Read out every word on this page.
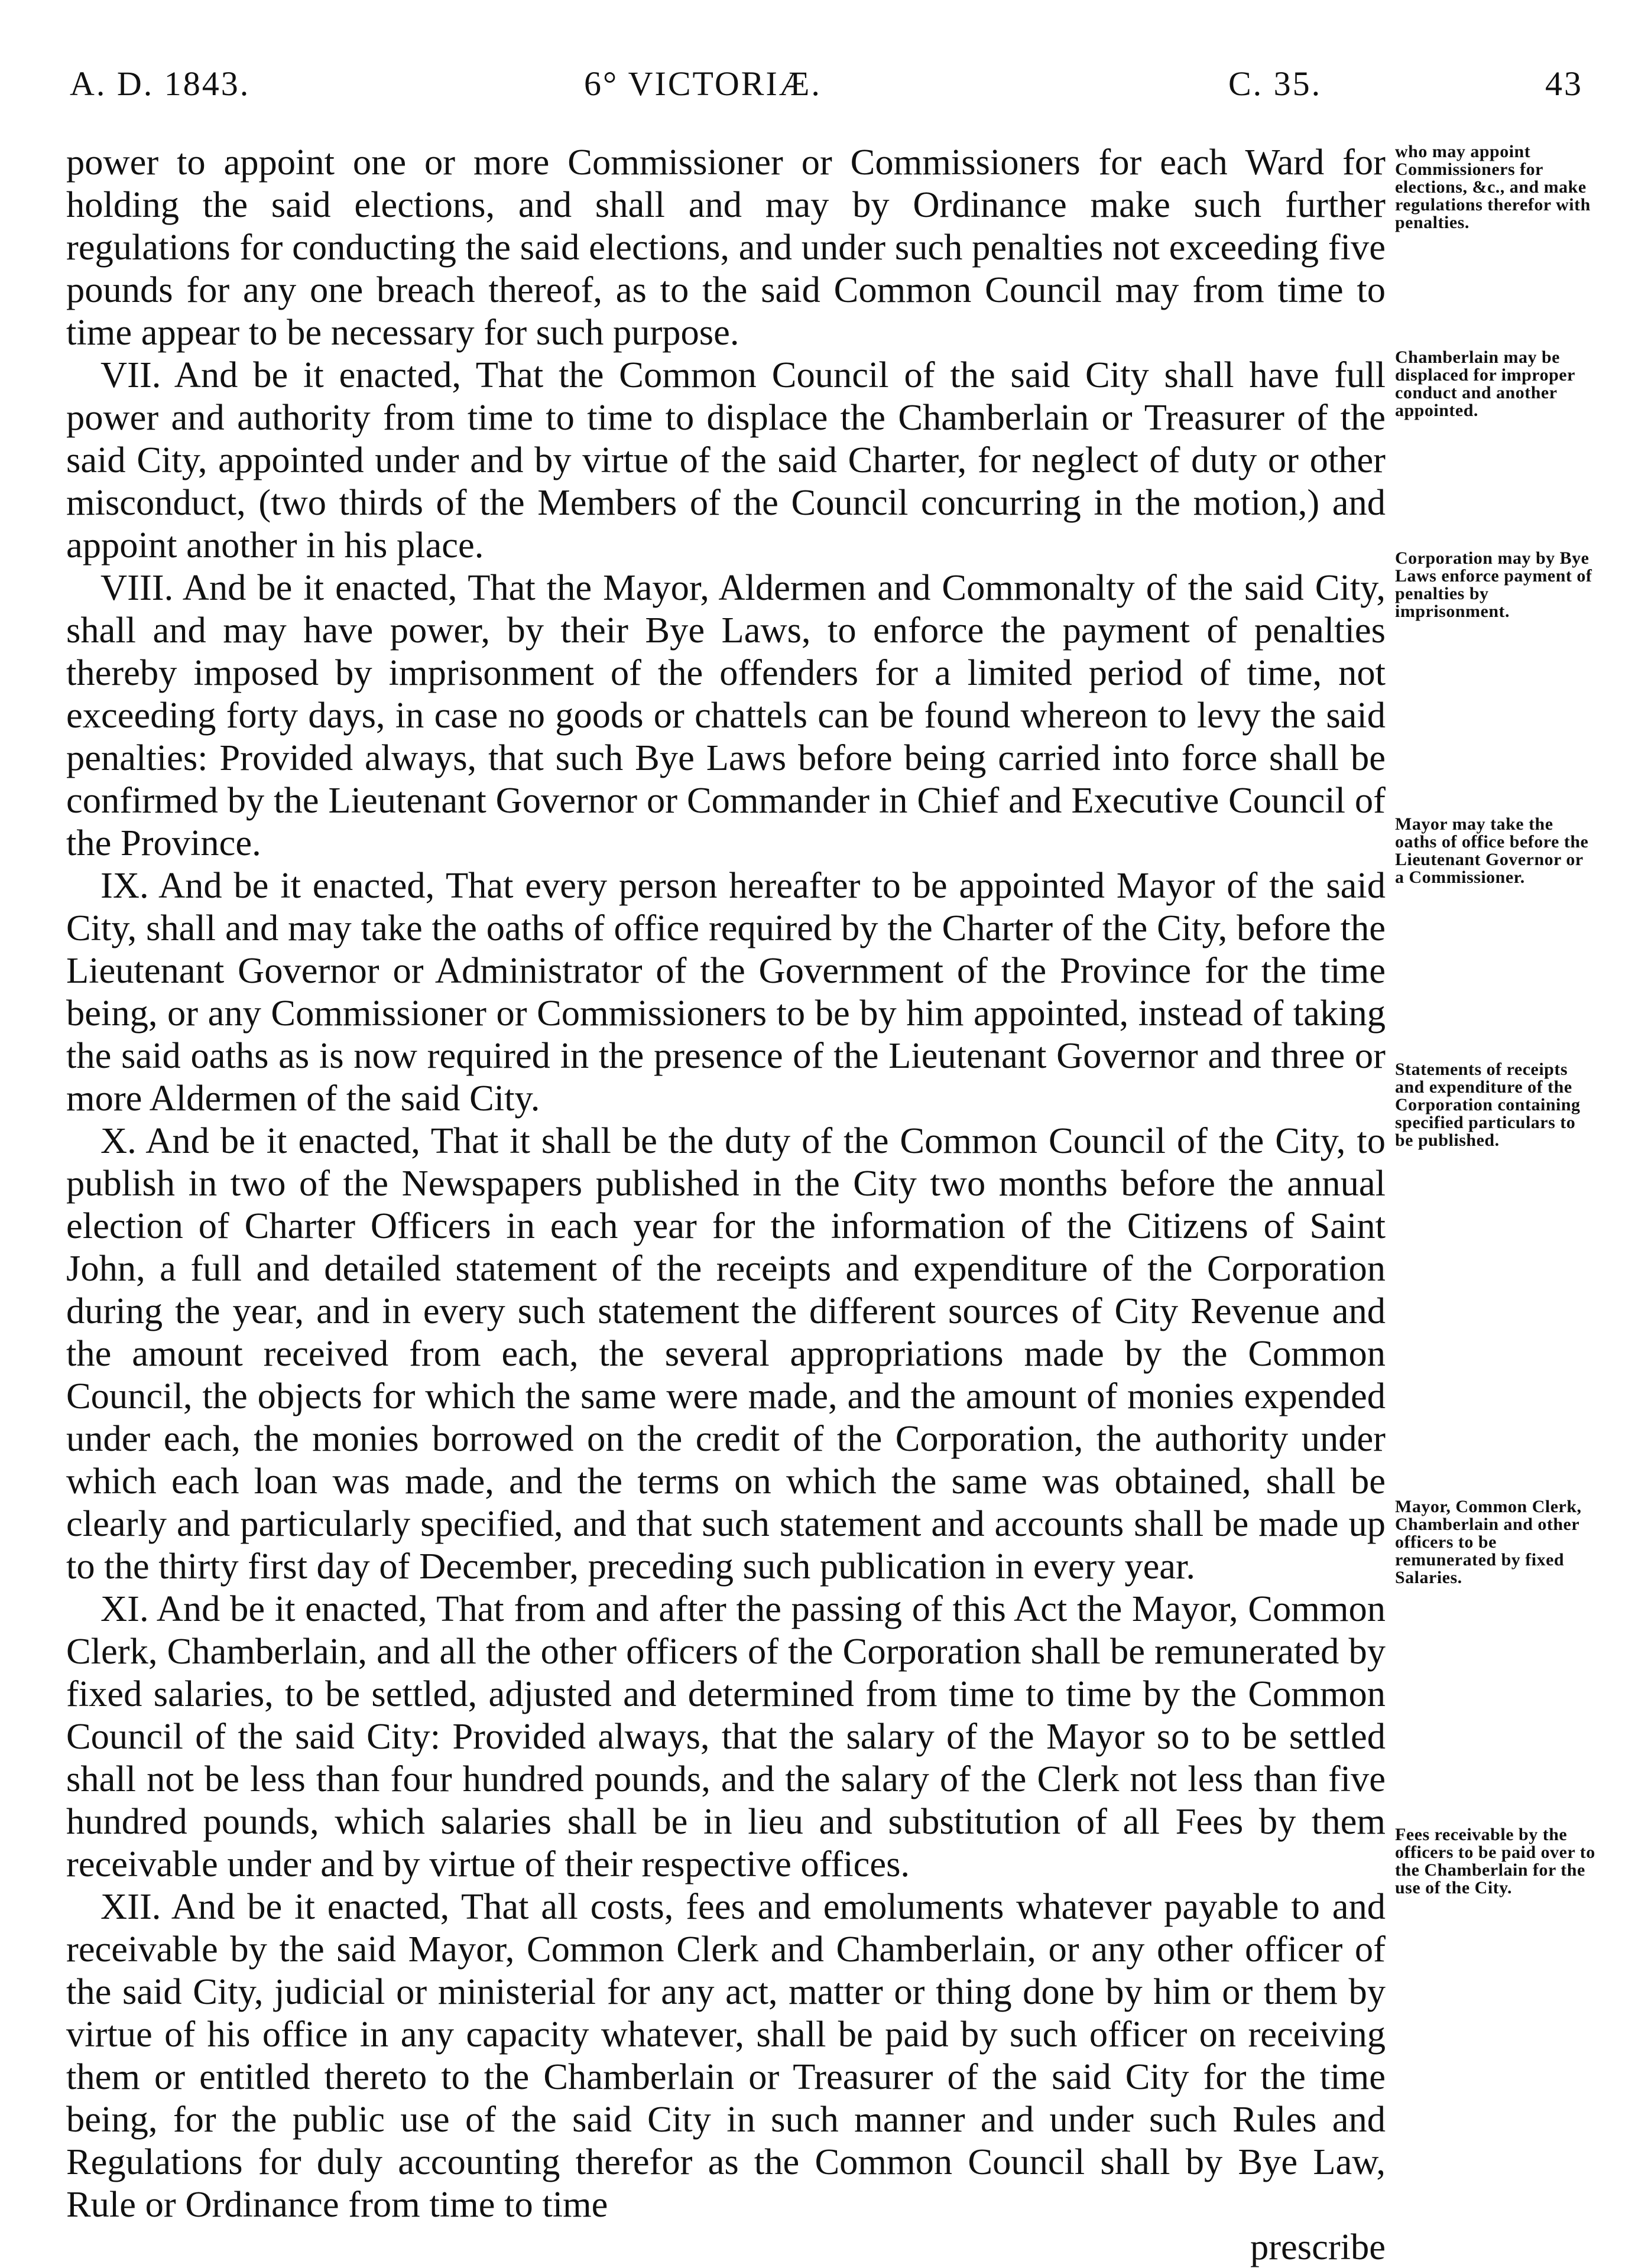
A. D. 1843.	6° VICTORIÆ.	C. 35.	43

power to appoint one or more Commissioner or Commissioners for each Ward for holding the said elections, and shall and may by Ordinance make such further regulations for conducting the said elections, and under such penalties not exceeding five pounds for any one breach thereof, as to the said Common Council may from time to time appear to be necessary for such purpose.

VII. And be it enacted, That the Common Council of the said City shall have full power and authority from time to time to displace the Chamberlain or Treasurer of the said City, appointed under and by virtue of the said Charter, for neglect of duty or other misconduct, (two thirds of the Members of the Council concurring in the motion,) and appoint another in his place.

VIII. And be it enacted, That the Mayor, Aldermen and Commonalty of the said City, shall and may have power, by their Bye Laws, to enforce the payment of penalties thereby imposed by imprisonment of the offenders for a limited period of time, not exceeding forty days, in case no goods or chattels can be found whereon to levy the said penalties: Provided always, that such Bye Laws before being carried into force shall be confirmed by the Lieutenant Governor or Commander in Chief and Executive Council of the Province.

IX. And be it enacted, That every person hereafter to be appointed Mayor of the said City, shall and may take the oaths of office required by the Charter of the City, before the Lieutenant Governor or Administrator of the Government of the Province for the time being, or any Commissioner or Commissioners to be by him appointed, instead of taking the said oaths as is now required in the presence of the Lieutenant Governor and three or more Aldermen of the said City.

X. And be it enacted, That it shall be the duty of the Common Council of the City, to publish in two of the Newspapers published in the City two months before the annual election of Charter Officers in each year for the information of the Citizens of Saint John, a full and detailed statement of the receipts and expenditure of the Corporation during the year, and in every such statement the different sources of City Revenue and the amount received from each, the several appropriations made by the Common Council, the objects for which the same were made, and the amount of monies expended under each, the monies borrowed on the credit of the Corporation, the authority under which each loan was made, and the terms on which the same was obtained, shall be clearly and particularly specified, and that such statement and accounts shall be made up to the thirty first day of December, preceding such publication in every year.

XI. And be it enacted, That from and after the passing of this Act the Mayor, Common Clerk, Chamberlain, and all the other officers of the Corporation shall be remunerated by fixed salaries, to be settled, adjusted and determined from time to time by the Common Council of the said City: Provided always, that the salary of the Mayor so to be settled shall not be less than four hundred pounds, and the salary of the Clerk not less than five hundred pounds, which salaries shall be in lieu and substitution of all Fees by them receivable under and by virtue of their respective offices.

XII. And be it enacted, That all costs, fees and emoluments whatever payable to and receivable by the said Mayor, Common Clerk and Chamberlain, or any other officer of the said City, judicial or ministerial for any act, matter or thing done by him or them by virtue of his office in any capacity whatever, shall be paid by such officer on receiving them or entitled thereto to the Chamberlain or Treasurer of the said City for the time being, for the public use of the said City in such manner and under such Rules and Regulations for duly accounting therefor as the Common Council shall by Bye Law, Rule or Ordinance from time to time

prescribe
who may appoint Commissioners for elections, &c., and make regulations therefor with penalties.
Chamberlain may be displaced for improper conduct and another appointed.
Corporation may by Bye Laws enforce payment of penalties by imprisonment.
Mayor may take the oaths of office before the Lieutenant Governor or a Commissioner.
Statements of receipts and expenditure of the Corporation containing specified particulars to be published.
Mayor, Common Clerk, Chamberlain and other officers to be remunerated by fixed Salaries.
Fees receivable by the officers to be paid over to the Chamberlain for the use of the City.
